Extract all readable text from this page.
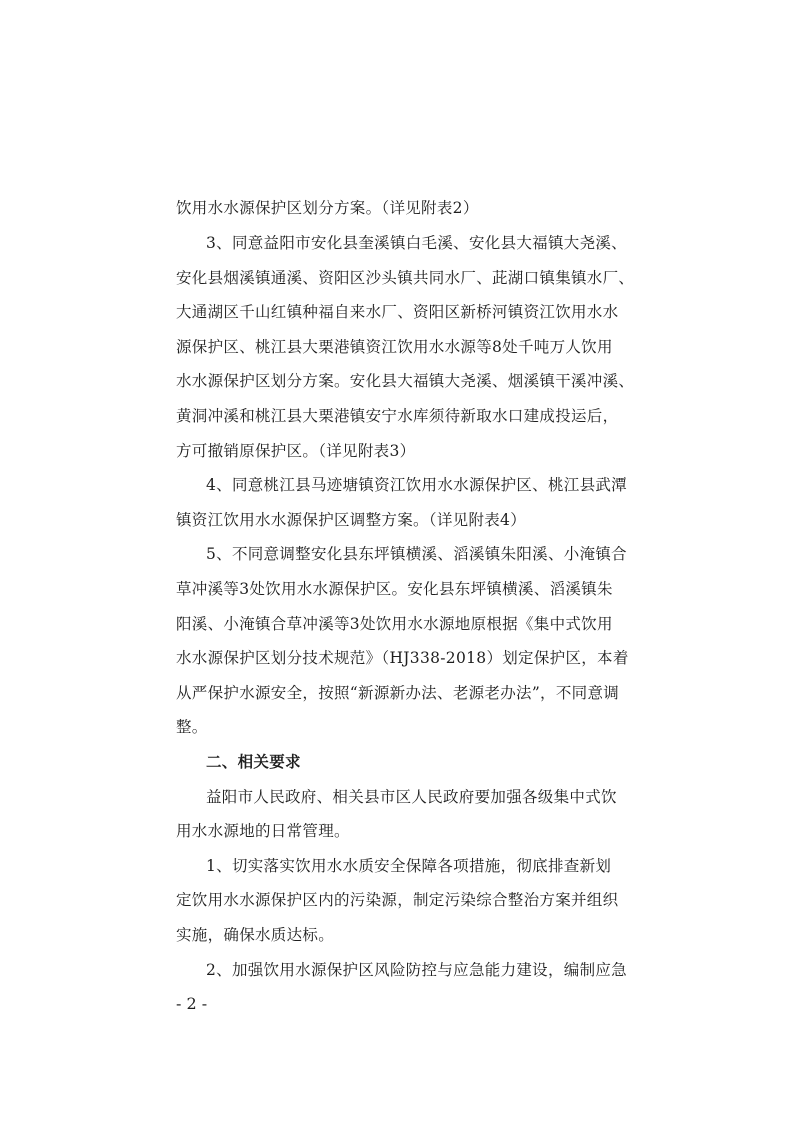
饮用水水源保护区划分方案。（详见附表2）
3、同意益阳市安化县奎溪镇白毛溪、安化县大福镇大尧溪、
安化县烟溪镇通溪、资阳区沙头镇共同水厂、茈湖口镇集镇水厂、
大通湖区千山红镇种福自来水厂、资阳区新桥河镇资江饮用水水
源保护区、桃江县大栗港镇资江饮用水水源等8处千吨万人饮用
水水源保护区划分方案。安化县大福镇大尧溪、烟溪镇干溪冲溪、
黄洞冲溪和桃江县大栗港镇安宁水库须待新取水口建成投运后，
方可撤销原保护区。（详见附表3）
4、同意桃江县马迹塘镇资江饮用水水源保护区、桃江县武潭
镇资江饮用水水源保护区调整方案。（详见附表4）
5、不同意调整安化县东坪镇横溪、滔溪镇朱阳溪、小淹镇合
草冲溪等3处饮用水水源保护区。安化县东坪镇横溪、滔溪镇朱
阳溪、小淹镇合草冲溪等3处饮用水水源地原根据《集中式饮用
水水源保护区划分技术规范》（HJ338-2018）划定保护区，本着
从严保护水源安全，按照“新源新办法、老源老办法”，不同意调
整。
二、相关要求
益阳市人民政府、相关县市区人民政府要加强各级集中式饮
用水水源地的日常管理。
1、切实落实饮用水水质安全保障各项措施，彻底排查新划
定饮用水水源保护区内的污染源，制定污染综合整治方案并组织
实施，确保水质达标。
2、加强饮用水源保护区风险防控与应急能力建设，编制应急
- 2 -
